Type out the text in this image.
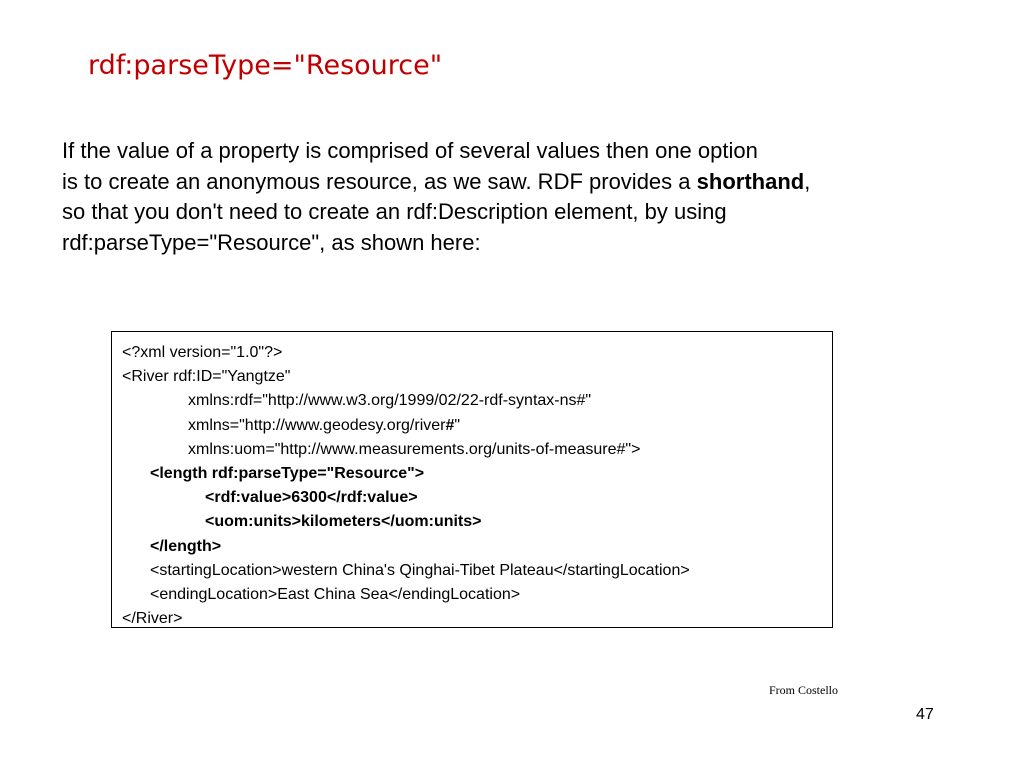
rdf:parseType="Resource"
If the value of a property is comprised of several values then one option
is to create an anonymous resource, as we saw. RDF provides a shorthand,
so that you don't need to create an rdf:Description element, by using
rdf:parseType="Resource", as shown here:
<?xml version="1.0"?>
<River rdf:ID="Yangtze"
xmlns:rdf="http://www.w3.org/1999/02/22-rdf-syntax-ns#"
xmlns="http://www.geodesy.org/river#"
xmlns:uom="http://www.measurements.org/units-of-measure#">
<length rdf:parseType="Resource">
<rdf:value>6300</rdf:value>
<uom:units>kilometers</uom:units>
</length>
<startingLocation>western China's Qinghai-Tibet Plateau</startingLocation>
<endingLocation>East China Sea</endingLocation>
</River>
From Costello
47
